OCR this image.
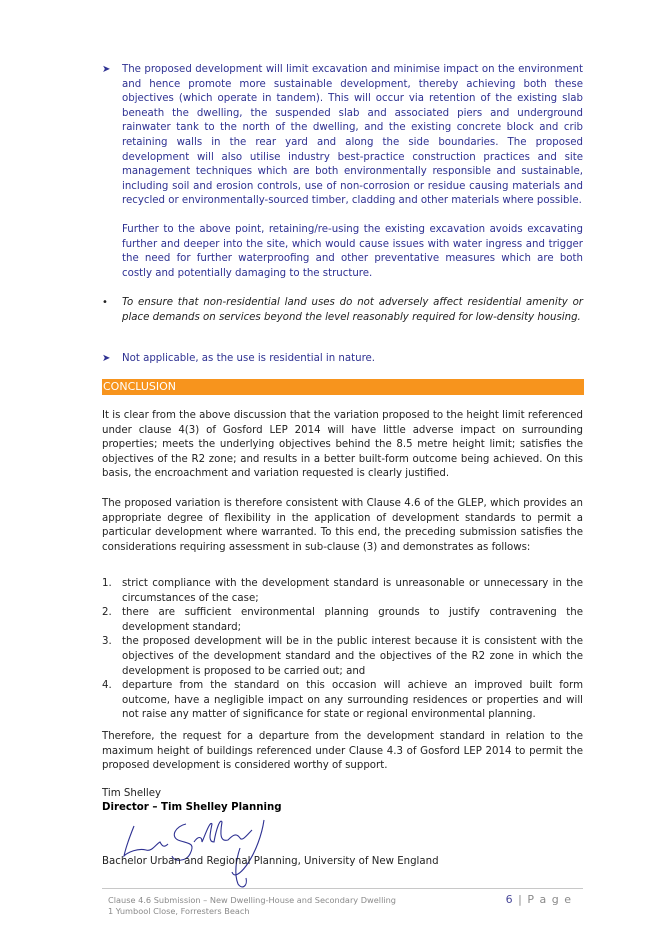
➤	The proposed development will limit excavation and minimise impact on the environment and hence promote more sustainable development, thereby achieving both these objectives (which operate in tandem). This will occur via retention of the existing slab beneath the dwelling, the suspended slab and associated piers and underground rainwater tank to the north of the dwelling, and the existing concrete block and crib retaining walls in the rear yard and along the side boundaries. The proposed development will also utilise industry best-practice construction practices and site management techniques which are both environmentally responsible and sustainable, including soil and erosion controls, use of non-corrosion or residue causing materials and recycled or environmentally-sourced timber, cladding and other materials where possible.
Further to the above point, retaining/re-using the existing excavation avoids excavating further and deeper into the site, which would cause issues with water ingress and trigger the need for further waterproofing and other preventative measures which are both costly and potentially damaging to the structure.
•	To ensure that non-residential land uses do not adversely affect residential amenity or place demands on services beyond the level reasonably required for low-density housing.
➤	Not applicable, as the use is residential in nature.
CONCLUSION
It is clear from the above discussion that the variation proposed to the height limit referenced under clause 4(3) of Gosford LEP 2014 will have little adverse impact on surrounding properties; meets the underlying objectives behind the 8.5 metre height limit; satisfies the objectives of the R2 zone; and results in a better built-form outcome being achieved. On this basis, the encroachment and variation requested is clearly justified.
The proposed variation is therefore consistent with Clause 4.6 of the GLEP, which provides an appropriate degree of flexibility in the application of development standards to permit a particular development where warranted. To this end, the preceding submission satisfies the considerations requiring assessment in sub-clause (3) and demonstrates as follows:
1.	strict compliance with the development standard is unreasonable or unnecessary in the circumstances of the case;
2.	there are sufficient environmental planning grounds to justify contravening the development standard;
3.	the proposed development will be in the public interest because it is consistent with the objectives of the development standard and the objectives of the R2 zone in which the development is proposed to be carried out; and
4.	departure from the standard on this occasion will achieve an improved built form outcome, have a negligible impact on any surrounding residences or properties and will not raise any matter of significance for state or regional environmental planning.
Therefore, the request for a departure from the development standard in relation to the maximum height of buildings referenced under Clause 4.3 of Gosford LEP 2014 to permit the proposed development is considered worthy of support.
Tim Shelley
Director – Tim Shelley Planning
Bachelor Urban and Regional Planning, University of New England
Clause 4.6 Submission – New Dwelling-House and Secondary Dwelling
1 Yumbool Close, Forresters Beach
6 | P a g e
